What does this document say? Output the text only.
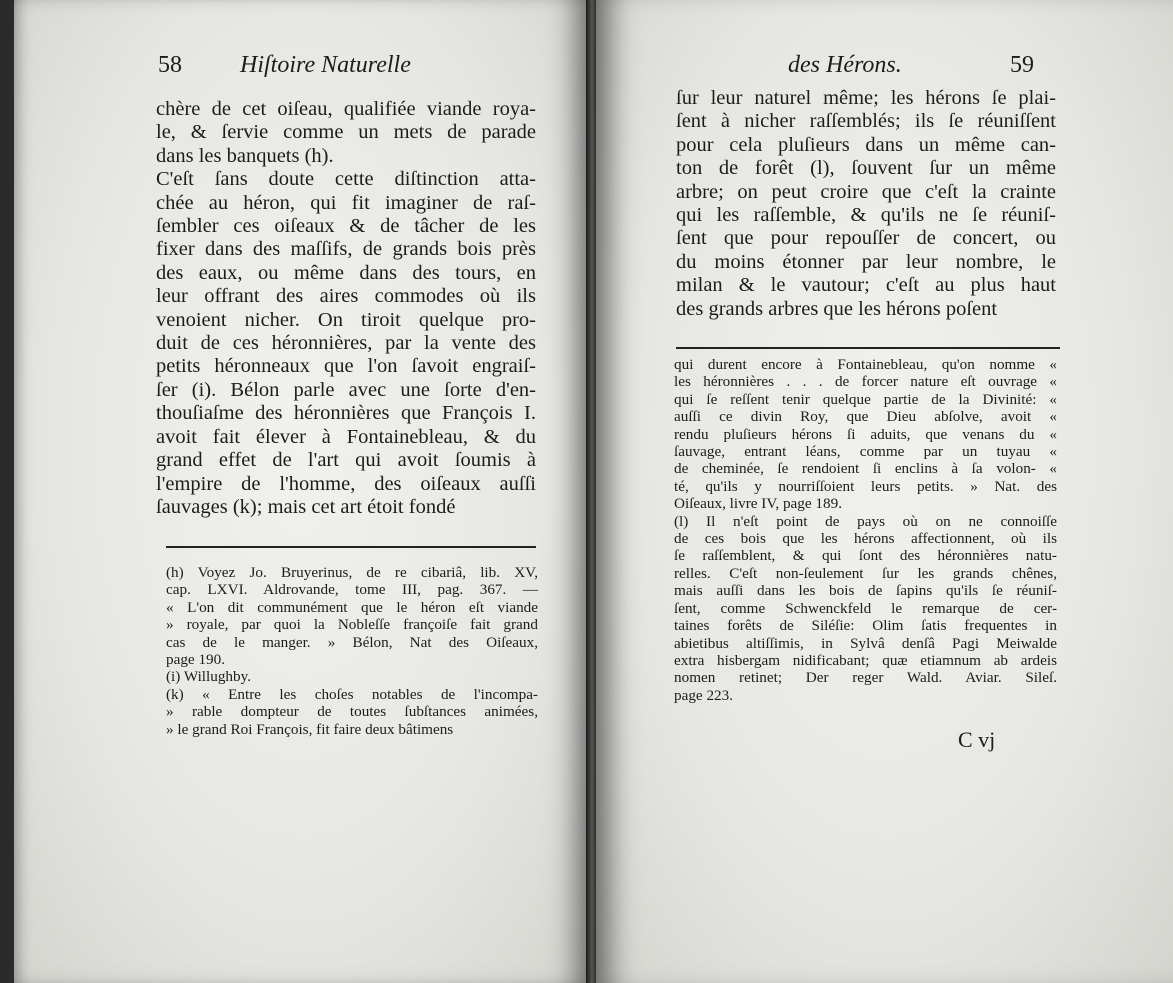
58 Hiſtoire Naturelle
chère de cet oiſeau, qualifiée viande roya-
le, & ſervie comme un mets de parade
dans les banquets (h).
C'eſt ſans doute cette diſtinction atta-
chée au héron, qui fit imaginer de raſ-
ſembler ces oiſeaux & de tâcher de les
fixer dans des maſſifs, de grands bois près
des eaux, ou même dans des tours, en
leur offrant des aires commodes où ils
venoient nicher. On tiroit quelque pro-
duit de ces héronnières, par la vente des
petits héronneaux que l'on ſavoit engraiſ-
ſer (i). Bélon parle avec une ſorte d'en-
thouſiaſme des héronnières que François I.
avoit fait élever à Fontainebleau, & du
grand effet de l'art qui avoit ſoumis à
l'empire de l'homme, des oiſeaux auſſi
ſauvages (k); mais cet art étoit fondé
(h) Voyez Jo. Bruyerinus, de re cibariâ, lib. XV,
cap. LXVI. Aldrovande, tome III, pag. 367. —
« L'on dit communément que le héron eſt viande
» royale, par quoi la Nobleſſe françoiſe fait grand
cas de le manger. » Bélon, Nat des Oiſeaux,
page 190.
(i) Willughby.
(k) « Entre les choſes notables de l'incompa-
» rable dompteur de toutes ſubſtances animées,
» le grand Roi François, fit faire deux bâtimens
des Hérons.	59
ſur leur naturel même; les hérons ſe plai-
ſent à nicher raſſemblés; ils ſe réuniſſent
pour cela pluſieurs dans un même can-
ton de forêt (l), ſouvent ſur un même
arbre; on peut croire que c'eſt la crainte
qui les raſſemble, & qu'ils ne ſe réuniſ-
ſent que pour repouſſer de concert, ou
du moins étonner par leur nombre, le
milan & le vautour; c'eſt au plus haut
des grands arbres que les hérons poſent
qui durent encore à Fontainebleau, qu'on nomme «
les héronnières . . . de forcer nature eſt ouvrage «
qui ſe reſſent tenir quelque partie de la Divinité: «
auſſi ce divin Roy, que Dieu abſolve, avoit «
rendu pluſieurs hérons ſi aduits, que venans du «
ſauvage, entrant léans, comme par un tuyau «
de cheminée, ſe rendoient ſi enclins à ſa volon- «
té, qu'ils y nourriſſoient leurs petits. » Nat. des
Oiſeaux, livre IV, page 189.
(l) Il n'eſt point de pays où on ne connoiſſe
de ces bois que les hérons affectionnent, où ils
ſe raſſemblent, & qui ſont des héronnières natu-
relles. C'eſt non-ſeulement ſur les grands chênes,
mais auſſi dans les bois de ſapins qu'ils ſe réuniſ-
ſent, comme Schwenckfeld le remarque de cer-
taines forêts de Siléſie: Olim ſatis frequentes in
abietibus altiſſimis, in Sylvâ denſâ Pagi Meiwalde
extra hisbergam nidificabant; quæ etiamnum ab ardeis
nomen retinet; Der reger Wald. Aviar. Sileſ.
page 223.
C vj
